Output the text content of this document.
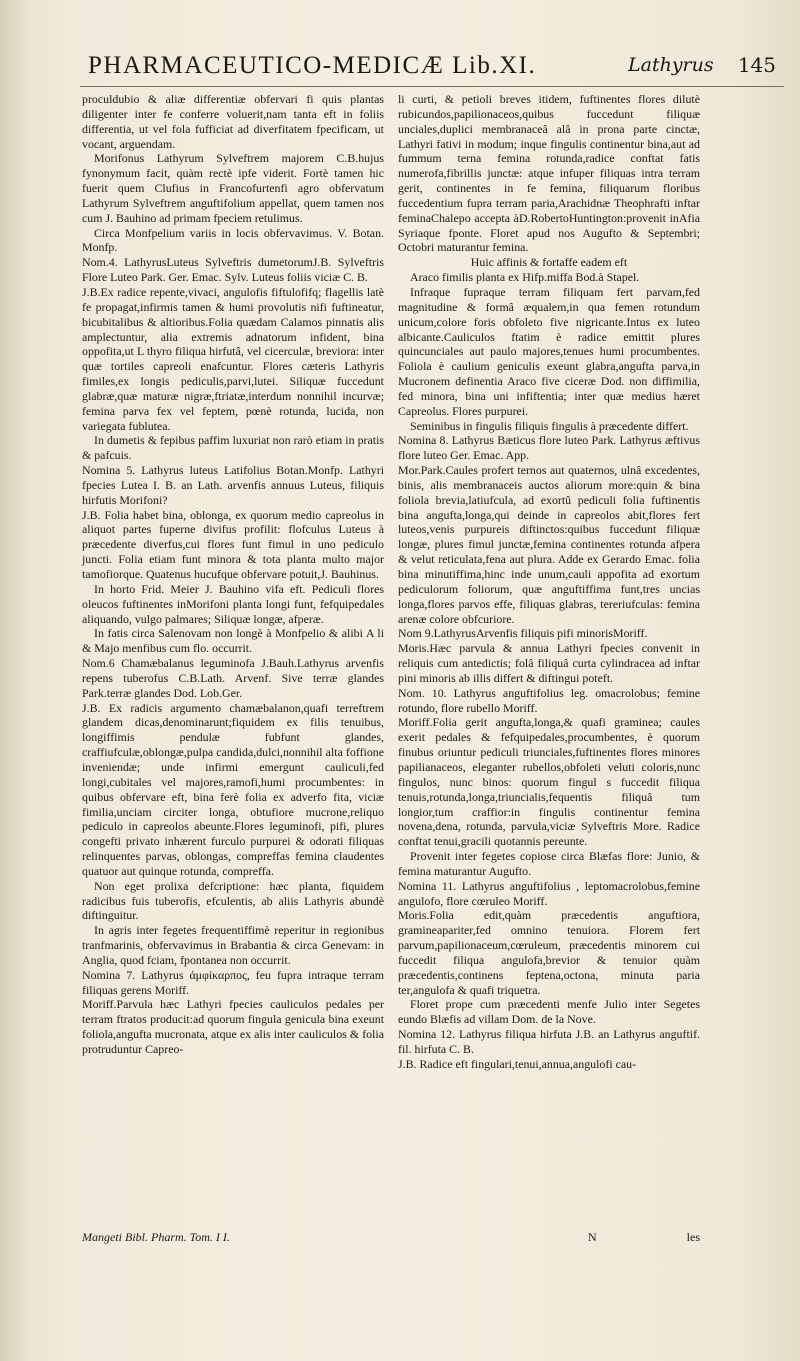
PHARMACEUTICO-MEDICÆ Lib.XI.	Lathyrus 145

proculdubio & aliæ differentiæ obfervari fi quis plantas diligenter inter fe conferre voluerit,nam tanta eft in foliis differentia, ut vel fola fufficiat ad diverfitatem fpecificam, ut vocant, arguendam.

Morifonus Lathyrum Sylveftrem majorem C.B.hujus fynonymum facit, quàm rectè ipfe viderit. Fortè tamen hic fuerit quem Clufius in Francofurtenfi agro obfervatum Lathyrum Sylveftrem anguftifolium appellat, quem tamen nos cum J. Bauhino ad primam fpeciem retulimus.

Circa Monfpelium variis in locis obfervavimus. V. Botan. Monfp.

Nom.4. LathyrusLuteus Sylveftris dumetorumJ.B. Sylveftris Flore Luteo Park. Ger. Emac. Sylv. Luteus foliis viciæ C. B.

J.B.Ex radice repente,vivaci, angulofis fiftulofifq; flagellis latè fe propagat,infirmis tamen & humi provolutis nifi fuftineatur, bicubitalibus & altioribus.Folia quædam Calamos pinnatis alis amplectuntur, alia extremis adnatorum infident, bina oppofita,ut L thyro filiqua hirfutâ, vel cicerculæ, breviora: inter quæ tortiles capreoli enafcuntur. Flores cæteris Lathyris fimiles,ex longis pediculis,parvi,lutei. Siliquæ fuccedunt glabræ,quæ maturæ nigræ,ftriatæ,interdum nonnihil incurvæ; femina parva fex vel feptem, pœnè rotunda, lucida, non variegata fublutea.

In dumetis & fepibus paffim luxuriat non rarò etiam in pratis & pafcuis.

Nomina 5. Lathyrus luteus Latifolius Botan.Monfp. Lathyri fpecies Lutea I. B. an Lath. arvenfis annuus Luteus, filiquis hirfutis Morifoni?

J.B. Folia habet bina, oblonga, ex quorum medio capreolus in aliquot partes fuperne divifus profilit: flofculus Luteus à præcedente diverfus,cui flores funt fimul in uno pediculo juncti. Folia etiam funt minora & tota planta multo major tamofiorque. Quatenus hucufque obfervare potuit,J. Bauhinus.

In horto Frid. Meier J. Bauhino vifa eft. Pediculi flores oleucos fuftinentes inMorifoni planta longi funt, fefquipedales aliquando, vulgo palmares; Siliquæ longæ, afperæ.

In fatis circa Salenovam non longè à Monfpelio & alibi A li & Majo menfibus cum flo. occurrit.

Nom.6 Chamæbalanus leguminofa J.Bauh.Lathyrus arvenfis repens tuberofus C.B.Lath. Arvenf. Sive terræ glandes Park.terræ glandes Dod. Lob.Ger.

J.B. Ex radicis argumento chamæbalanon,quafi terreftrem glandem dicas,denominarunt;fiquidem ex filis tenuibus, longiffimis pendulæ fubfunt glandes, craffiufculæ,oblongæ,pulpa candida,dulci,nonnihil alta foffione inveniendæ; unde infirmi emergunt cauliculi,fed longi,cubitales vel majores,ramofi,humi procumbentes: in quibus obfervare eft, bina ferè folia ex adverfo fita, viciæ fimilia,unciam circiter longa, obtufiore mucrone,reliquo pediculo in capreolos abeunte.Flores leguminofi, pifi, plures congefti privato inhærent furculo purpurei & odorati filiquas relinquentes parvas, oblongas, compreffas femina claudentes quatuor aut quinque rotunda, compreffa.

Non eget prolixa defcriptione: hæc planta, fiquidem radicibus fuis tuberofis, efculentis, ab aliis Lathyris abundè diftinguitur.

In agris inter fegetes frequentiffimè reperitur in regionibus tranfmarinis, obfervavimus in Brabantia & circa Genevam: in Anglia, quod fciam, fpontanea non occurrit.

Nomina 7. Lathyrus ἀμφίκαρπος, feu fupra intraque terram filiquas gerens Moriff.

Moriff.Parvula hæc Lathyri fpecies cauliculos pedales per terram ftratos producit:ad quorum fingula genicula bina exeunt foliola,angufta mucronata, atque ex alis inter cauliculos & folia protruduntur Capreo-

li curti, & petioli breves itidem, fuftinentes flores dilutè rubicundos,papilionaceos,quibus fuccedunt filiquæ unciales,duplici membranaceâ alâ in prona parte cinctæ, Lathyri fativi in modum; inque fingulis continentur bina,aut ad fummum terna femina rotunda,radice conftat fatis numerofa,fibrillis junctæ: atque infuper filiquas intra terram gerit, continentes in fe femina, filiquarum floribus fuccedentium fupra terram paria,Arachidnæ Theophrafti inftar feminaChalepo accepta àD.RobertoHuntington:provenit inAfia Syriaque fponte. Floret apud nos Augufto & Septembri; Octobri maturantur femina.

Huic affinis & fortaffe eadem eft

Araco fimilis planta ex Hifp.miffa Bod.à Stapel.

Infraque fupraque terram filiquam fert parvam,fed magnitudine & formâ æqualem,in qua femen rotundum unicum,colore foris obfoleto five nigricante.Intus ex luteo albicante.Cauliculos ftatim è radice emittit plures quincunciales aut paulo majores,tenues humi procumbentes. Foliola è caulium geniculis exeunt glabra,angufta parva,in Mucronem definentia Araco five ciceræ Dod. non diffimilia, fed minora, bina uni infiftentia; inter quæ medius hæret Capreolus. Flores purpurei.

Seminibus in fingulis filiquis fingulis à præcedente differt.

Nomina 8. Lathyrus Bæticus flore luteo Park. Lathyrus æftivus flore luteo Ger. Emac. App.

Mor.Park.Caules profert ternos aut quaternos, ulnâ excedentes, binis, alis membranaceis auctos aliorum more:quin & bina foliola brevia,latiufcula, ad exortû pediculi folia fuftinentis bina angufta,longa,qui deinde in capreolos abit,flores fert luteos,venis purpureis diftinctos:quibus fuccedunt filiquæ longæ, plures fimul junctæ,femina continentes rotunda afpera & velut reticulata,fena aut plura. Adde ex Gerardo Emac. folia bina minutiffima,hinc inde unum,cauli appofita ad exortum pediculorum foliorum, quæ anguftiffima funt,tres uncias longa,flores parvos effe, filiquas glabras, tereriufculas: femina arenæ colore obfcuriore.

Nom 9.LathyrusArvenfis filiquis pifi minorisMoriff.

Moris.Hæc parvula & annua Lathyri fpecies convenit in reliquis cum antedictis; folâ filiquâ curta cylindracea ad inftar pini minoris ab illis differt & diftingui poteft.

Nom. 10. Lathyrus anguftifolius leg. omacrolobus; femine rotundo, flore rubello Moriff.

Moriff.Folia gerit angufta,longa,& quafi graminea; caules exerit pedales & fefquipedales,procumbentes, è quorum finubus oriuntur pediculi triunciales,fuftinentes flores minores papilianaceos, eleganter rubellos,obfoleti veluti coloris,nunc fingulos, nunc binos: quorum fingul s fuccedit filiqua tenuis,rotunda,longa,triuncialis,fequentis filiquâ tum longior,tum craffior:in fingulis continentur femina novena,dena, rotunda, parvula,viciæ Sylveftris More. Radice conftat tenui,gracili quotannis pereunte.

Provenit inter fegetes copiose circa Blæfas flore: Junio, & femina maturantur Augufto.

Nomina 11. Lathyrus anguftifolius , leptomacrolobus,femine angulofo, flore cœruleo Moriff.

Moris.Folia edit,quàm præcedentis anguftiora, gramineapariter,fed omnino tenuiora. Florem fert parvum,papilionaceum,cœruleum, præcedentis minorem cui fuccedit filiqua angulofa,brevior & tenuior quàm præcedentis,continens feptena,octona, minuta paria ter,angulofa & quafi triquetra.

Floret prope cum præcedenti menfe Julio inter Segetes eundo Blæfis ad villam Dom. de la Nove.

Nomina 12. Lathyrus filiqua hirfuta J.B. an Lathyrus anguftif. fil. hirfuta C. B.

J.B. Radice eft fingulari,tenui,annua,angulofi cau-

Mangeti Bibl. Pharm. Tom. I I.	N	les
